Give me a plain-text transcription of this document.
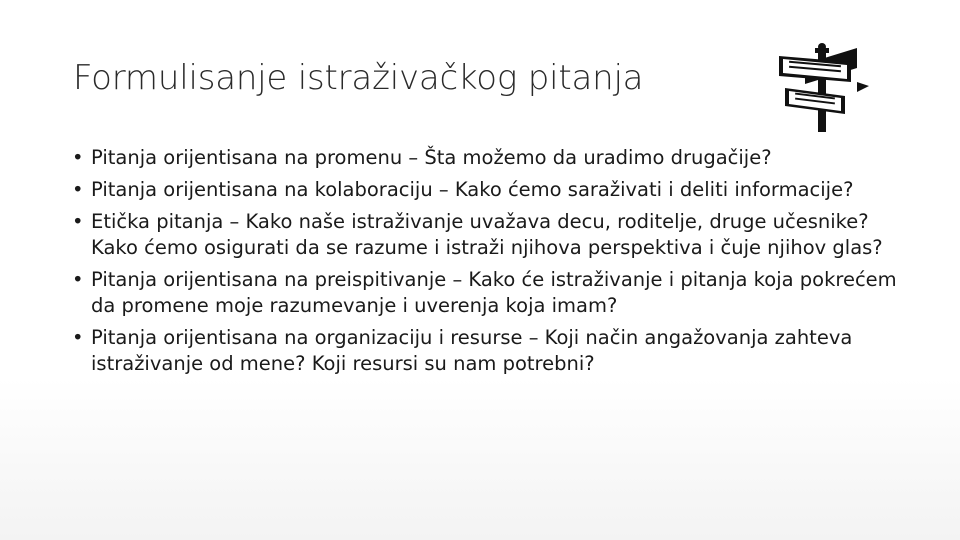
Formulisanje istraživačkog pitanja
• Pitanja orijentisana na promenu – Šta možemo da uradimo drugačije?
• Pitanja orijentisana na kolaboraciju – Kako ćemo saraživati i deliti informacije?
• Etička pitanja – Kako naše istraživanje uvažava decu, roditelje, druge učesnike? Kako ćemo osigurati da se razume i istraži njihova perspektiva i čuje njihov glas?
• Pitanja orijentisana na preispitivanje – Kako će istraživanje i pitanja koja pokrećem da promene moje razumevanje i uverenja koja imam?
• Pitanja orijentisana na organizaciju i resurse – Koji način angažovanja zahteva istraživanje od mene? Koji resursi su nam potrebni?
